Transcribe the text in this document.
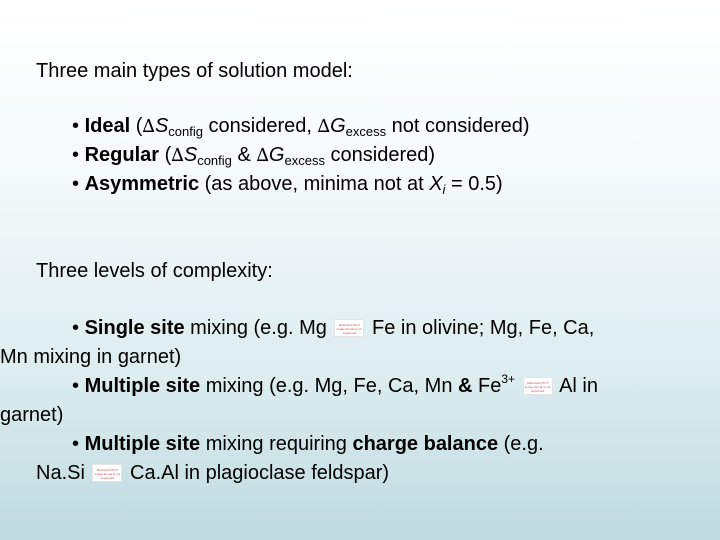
Three main types of solution model:
• Ideal ($\Delta S_{config}$ considered, $\Delta G_{excess}$ not considered)
• Regular ($\Delta S_{config}$ & $\Delta G_{excess}$ considered)
• Asymmetric (as above, minima not at $X_i = 0.5$)
Three levels of complexity:
• Single site mixing (e.g. Mg Macintosh PICT image format is not supported Fe in olivine; Mg, Fe, Ca,
Mn mixing in garnet)
• Multiple site mixing (e.g. Mg, Fe, Ca, Mn & $Fe^{3+}$	Macintosh PICT image format is not supported Al in
garnet)
• Multiple site mixing requiring charge balance (e.g.
Na.Si Macintosh PICT image format is not supported Ca.Al in plagioclase feldspar)
